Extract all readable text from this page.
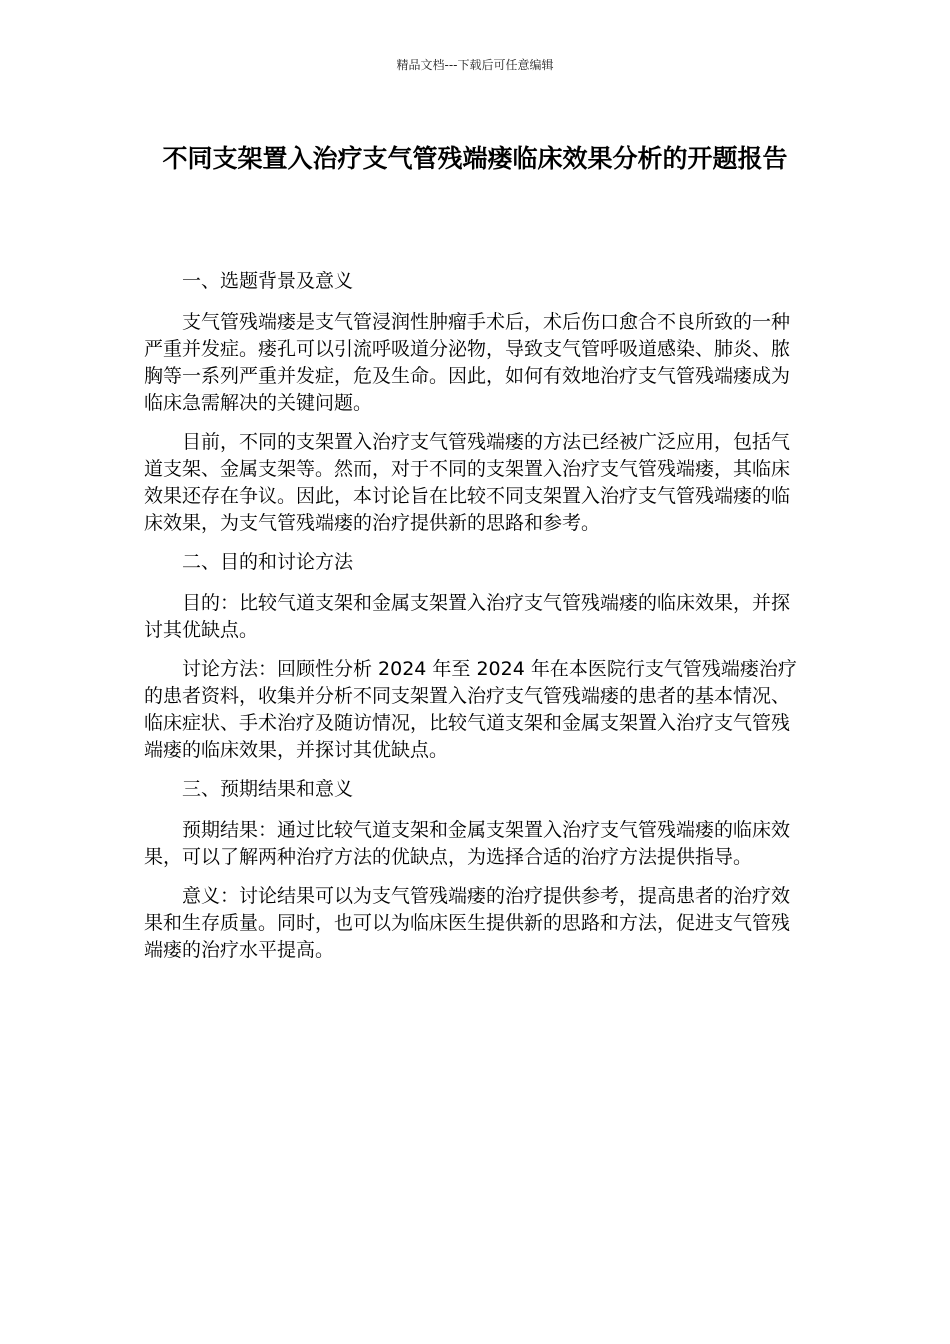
精品文档---下载后可任意编辑
不同支架置入治疗支气管残端瘘临床效果分析的开题报告

一、选题背景及意义

支气管残端瘘是支气管浸润性肿瘤手术后，术后伤口愈合不良所致的一种严重并发症。瘘孔可以引流呼吸道分泌物，导致支气管呼吸道感染、肺炎、脓胸等一系列严重并发症，危及生命。因此，如何有效地治疗支气管残端瘘成为临床急需解决的关键问题。

目前，不同的支架置入治疗支气管残端瘘的方法已经被广泛应用，包括气道支架、金属支架等。然而，对于不同的支架置入治疗支气管残端瘘，其临床效果还存在争议。因此，本讨论旨在比较不同支架置入治疗支气管残端瘘的临床效果，为支气管残端瘘的治疗提供新的思路和参考。

二、目的和讨论方法

目的：比较气道支架和金属支架置入治疗支气管残端瘘的临床效果，并探讨其优缺点。

讨论方法：回顾性分析 2024 年至 2024 年在本医院行支气管残端瘘治疗的患者资料，收集并分析不同支架置入治疗支气管残端瘘的患者的基本情况、临床症状、手术治疗及随访情况，比较气道支架和金属支架置入治疗支气管残端瘘的临床效果，并探讨其优缺点。

三、预期结果和意义

预期结果：通过比较气道支架和金属支架置入治疗支气管残端瘘的临床效果，可以了解两种治疗方法的优缺点，为选择合适的治疗方法提供指导。

意义：讨论结果可以为支气管残端瘘的治疗提供参考，提高患者的治疗效果和生存质量。同时，也可以为临床医生提供新的思路和方法，促进支气管残端瘘的治疗水平提高。
